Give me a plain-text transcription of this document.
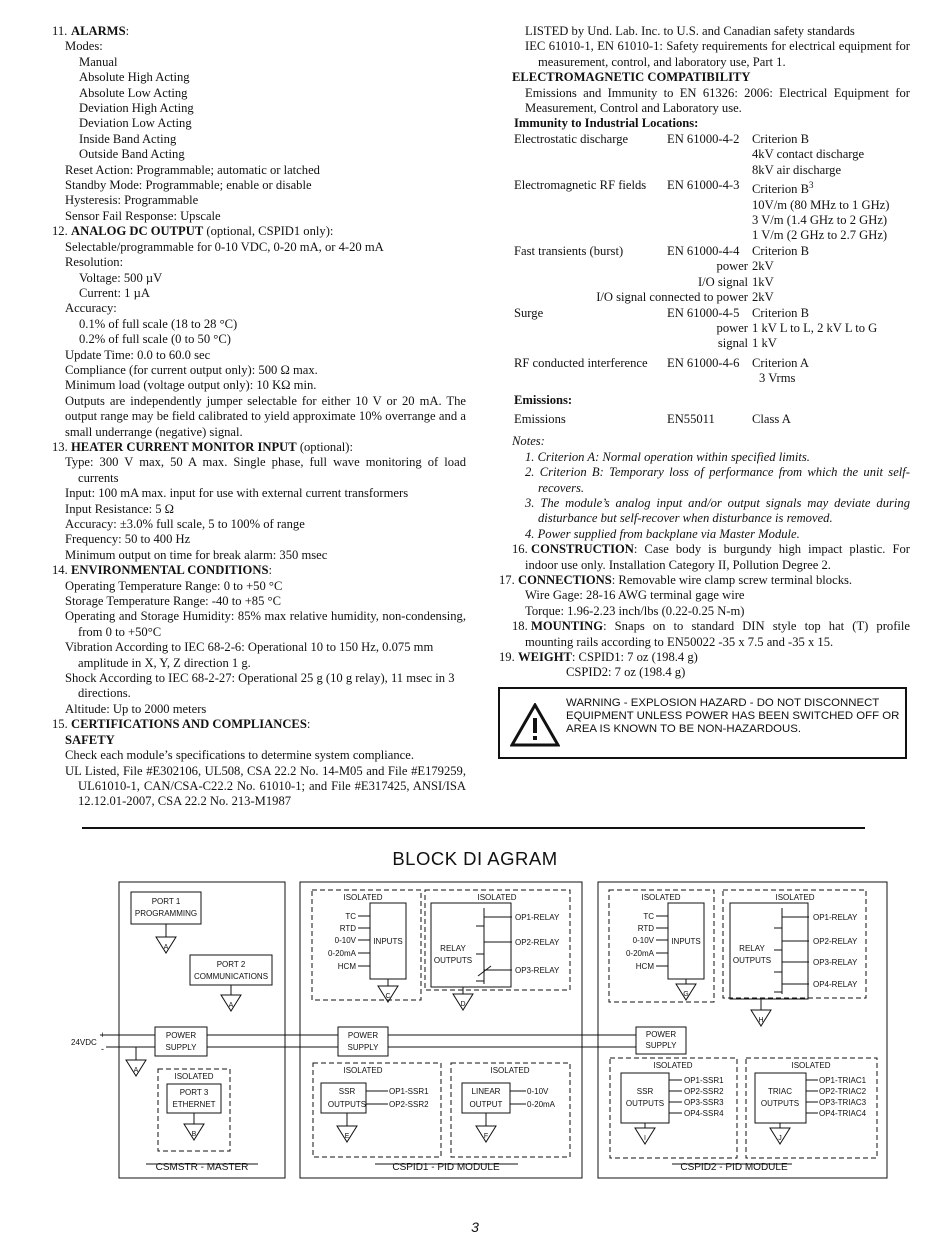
11. ALARMS:
Modes:
Manual
Absolute High Acting
Absolute Low Acting
Deviation High Acting
Deviation Low Acting
Inside Band Acting
Outside Band Acting
Reset Action: Programmable; automatic or latched
Standby Mode: Programmable; enable or disable
Hysteresis: Programmable
Sensor Fail Response: Upscale
12. ANALOG DC OUTPUT (optional, CSPID1 only):
Selectable/programmable for 0-10 VDC, 0-20 mA, or 4-20 mA
Resolution:
Voltage: 500 µV
Current: 1 µA
Accuracy:
0.1% of full scale (18 to 28 °C)
0.2% of full scale (0 to 50 °C)
Update Time: 0.0 to 60.0 sec
Compliance (for current output only): 500 Ω max.
Minimum load (voltage output only): 10 KΩ min.
Outputs are independently jumper selectable for either 10 V or 20 mA. The output range may be field calibrated to yield approximate 10% overrange and a small underrange (negative) signal.
13. HEATER CURRENT MONITOR INPUT (optional):
Type: 300 V max, 50 A max. Single phase, full wave monitoring of load currents
Input: 100 mA max. input for use with external current transformers
Input Resistance: 5 Ω
Accuracy: ±3.0% full scale, 5 to 100% of range
Frequency: 50 to 400 Hz
Minimum output on time for break alarm: 350 msec
14. ENVIRONMENTAL CONDITIONS:
Operating Temperature Range: 0 to +50 °C
Storage Temperature Range: -40 to +85 °C
Operating and Storage Humidity: 85% max relative humidity, non-condensing, from 0 to +50°C
Vibration According to IEC 68-2-6: Operational 10 to 150 Hz, 0.075 mm amplitude in X, Y, Z direction 1 g.
Shock According to IEC 68-2-27: Operational 25 g (10 g relay), 11 msec in 3 directions.
Altitude: Up to 2000 meters
15. CERTIFICATIONS AND COMPLIANCES:
SAFETY
Check each module’s specifications to determine system compliance.
UL Listed, File #E302106, UL508, CSA 22.2 No. 14-M05 and File #E179259, UL61010-1, CAN/CSA-C22.2 No. 61010-1; and File #E317425, ANSI/ISA 12.12.01-2007, CSA 22.2 No. 213-M1987
LISTED by Und. Lab. Inc. to U.S. and Canadian safety standards
IEC 61010-1, EN 61010-1: Safety requirements for electrical equipment for measurement, control, and laboratory use, Part 1.
ELECTROMAGNETIC COMPATIBILITY
Emissions and Immunity to EN 61326: 2006: Electrical Equipment for Measurement, Control and Laboratory use.
Immunity to Industrial Locations:
Electrostatic discharge	EN 61000-4-2	Criterion B
		4kV contact discharge
		8kV air discharge
Electromagnetic RF fields	EN 61000-4-3	Criterion $B^3$
		10V/m (80 MHz to 1 GHz)
		3 V/m (1.4 GHz to 2 GHz)
		1 V/m (2 GHz to 2.7 GHz)
Fast transients (burst)	EN 61000-4-4	Criterion B
power		2kV
I/O signal		1kV
I/O signal connected to power		2kV
Surge	EN 61000-4-5	Criterion B
power		1 kV L to L, 2 kV L to G
signal		1 kV

RF conducted interference	EN 61000-4-6	Criterion A
		3 Vrms

Emissions:		

Emissions	EN55011	Class A
Notes:
1. Criterion A: Normal operation within specified limits.
2. Criterion B: Temporary loss of performance from which the unit self-recovers.
3. The module’s analog input and/or output signals may deviate during disturbance but self-recover when disturbance is removed.
4. Power supplied from backplane via Master Module.
16. CONSTRUCTION: Case body is burgundy high impact plastic. For indoor use only. Installation Category II, Pollution Degree 2.
17. CONNECTIONS: Removable wire clamp screw terminal blocks.
Wire Gage: 28-16 AWG terminal gage wire
Torque: 1.96-2.23 inch/lbs (0.22-0.25 N-m)
18. MOUNTING: Snaps on to standard DIN style top hat (T) profile mounting rails according to EN50022 -35 x 7.5 and -35 x 15.
19. WEIGHT: CSPID1: 7 oz (198.4 g)
CSPID2: 7 oz (198.4 g)
WARNING - EXPLOSION HAZARD - DO NOT DISCONNECT EQUIPMENT UNLESS POWER HAS BEEN SWITCHED OFF OR AREA IS KNOWN TO BE NON-HAZARDOUS.
BLOCK DI AGRAM
PORT 1
PROGRAMMING
A
PORT 2
COMMUNICATIONS
A
POWER
SUPPLY
24VDC
+
-
A
ISOLATED
PORT 3
ETHERNET
B
CSMSTR - MASTER
ISOLATED
TC
RTD
0-10V
0-20mA
HCM
INPUTS
C
ISOLATED
RELAY
OUTPUTS
OP1-RELAY
OP2-RELAY
OP3-RELAY
D
POWER
SUPPLY
ISOLATED
SSR
OUTPUTS
OP1-SSR1
OP2-SSR2
E
ISOLATED
LINEAR
OUTPUT
0-10V
0-20mA
F
CSPID1 - PID MODULE
ISOLATED
TC
RTD
0-10V
0-20mA
HCM
INPUTS
G
ISOLATED
RELAY
OUTPUTS
OP1-RELAY
OP2-RELAY
OP3-RELAY
OP4-RELAY
H
POWER
SUPPLY
ISOLATED
SSR
OUTPUTS
OP1-SSR1
OP2-SSR2
OP3-SSR3
OP4-SSR4
I
ISOLATED
TRIAC
OUTPUTS
OP1-TRIAC1
OP2-TRIAC2
OP3-TRIAC3
OP4-TRIAC4
J
CSPID2 - PID MODULE
3
